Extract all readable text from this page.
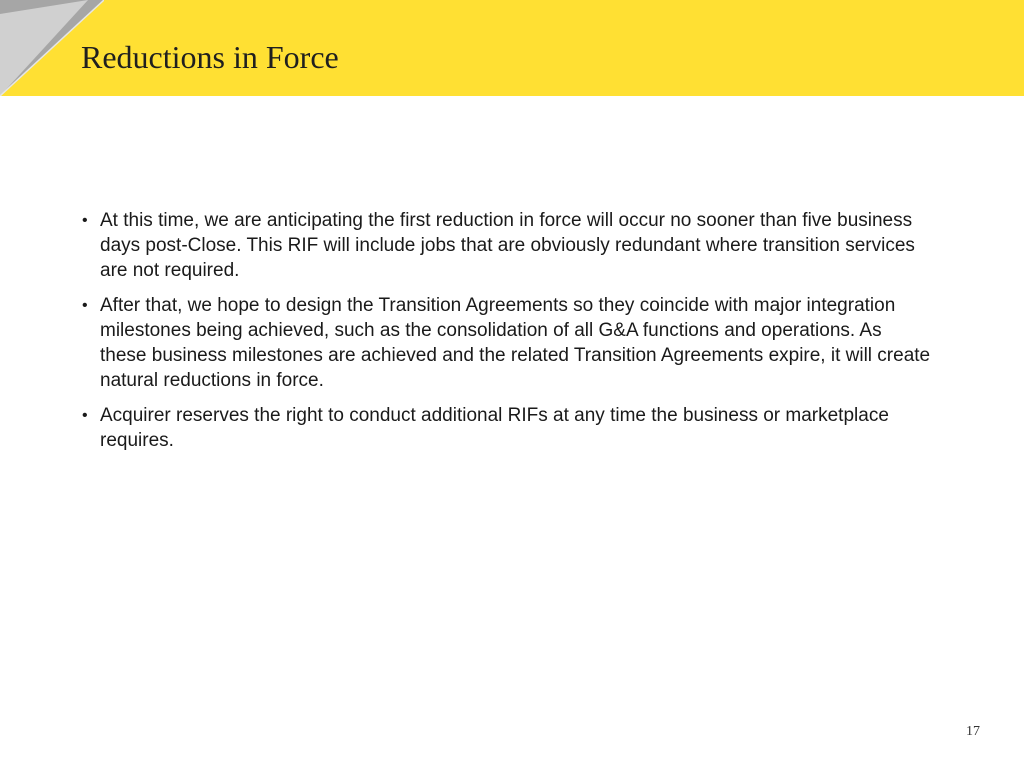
Reductions in Force
• At this time, we are anticipating the first reduction in force will occur no sooner than five business days post-Close. This RIF will include jobs that are obviously redundant where transition services are not required.
• After that, we hope to design the Transition Agreements so they coincide with major integration milestones being achieved, such as the consolidation of all G&A functions and operations. As these business milestones are achieved and the related Transition Agreements expire, it will create natural reductions in force.
• Acquirer reserves the right to conduct additional RIFs at any time the business or marketplace requires.
17
